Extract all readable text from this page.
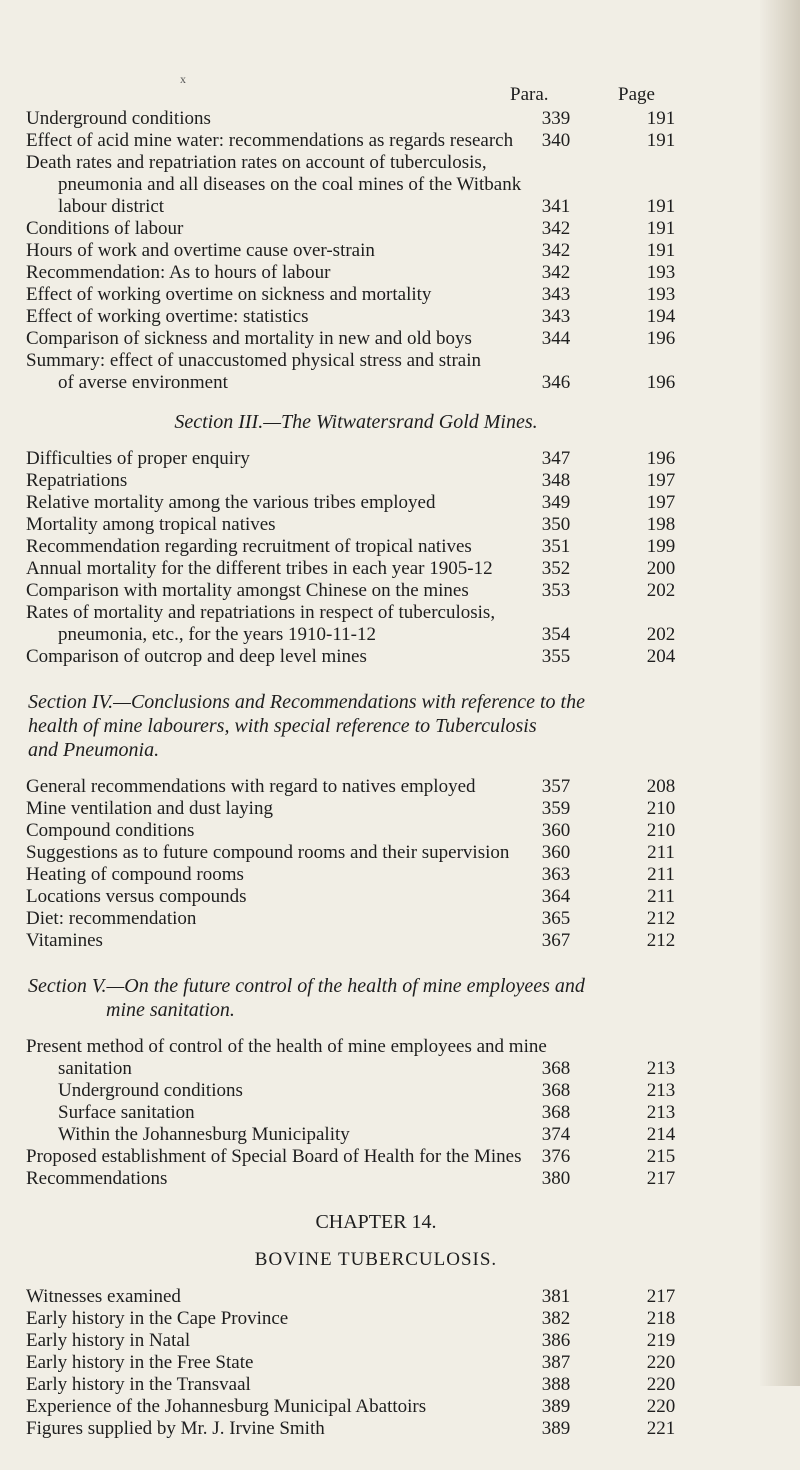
x
Para.	Page
Underground conditions	339	191
Effect of acid mine water: recommendations as regards research	340	191
Death rates and repatriation rates on account of tuberculosis,
pneumonia and all diseases on the coal mines of the Witbank
labour district	341	191
Conditions of labour	342	191
Hours of work and overtime cause over-strain	342	191
Recommendation: As to hours of labour	342	193
Effect of working overtime on sickness and mortality	343	193
Effect of working overtime: statistics	343	194
Comparison of sickness and mortality in new and old boys	344	196
Summary: effect of unaccustomed physical stress and strain
of averse environment	346	196
Section III.—The Witwatersrand Gold Mines.
Difficulties of proper enquiry	347	196
Repatriations	348	197
Relative mortality among the various tribes employed	349	197
Mortality among tropical natives	350	198
Recommendation regarding recruitment of tropical natives	351	199
Annual mortality for the different tribes in each year 1905-12	352	200
Comparison with mortality amongst Chinese on the mines	353	202
Rates of mortality and repatriations in respect of tuberculosis,
pneumonia, etc., for the years 1910-11-12	354	202
Comparison of outcrop and deep level mines	355	204
Section IV.—Conclusions and Recommendations with reference to the
health of mine labourers, with special reference to Tuberculosis
and Pneumonia.
General recommendations with regard to natives employed	357	208
Mine ventilation and dust laying	359	210
Compound conditions	360	210
Suggestions as to future compound rooms and their supervision	360	211
Heating of compound rooms	363	211
Locations versus compounds	364	211
Diet: recommendation	365	212
Vitamines	367	212
Section V.—On the future control of the health of mine employees and
mine sanitation.
Present method of control of the health of mine employees and mine
sanitation	368	213
Underground conditions	368	213
Surface sanitation	368	213
Within the Johannesburg Municipality	374	214
Proposed establishment of Special Board of Health for the Mines	376	215
Recommendations	380	217
CHAPTER 14.
BOVINE TUBERCULOSIS.
Witnesses examined	381	217
Early history in the Cape Province	382	218
Early history in Natal	386	219
Early history in the Free State	387	220
Early history in the Transvaal	388	220
Experience of the Johannesburg Municipal Abattoirs	389	220
Figures supplied by Mr. J. Irvine Smith	389	221
